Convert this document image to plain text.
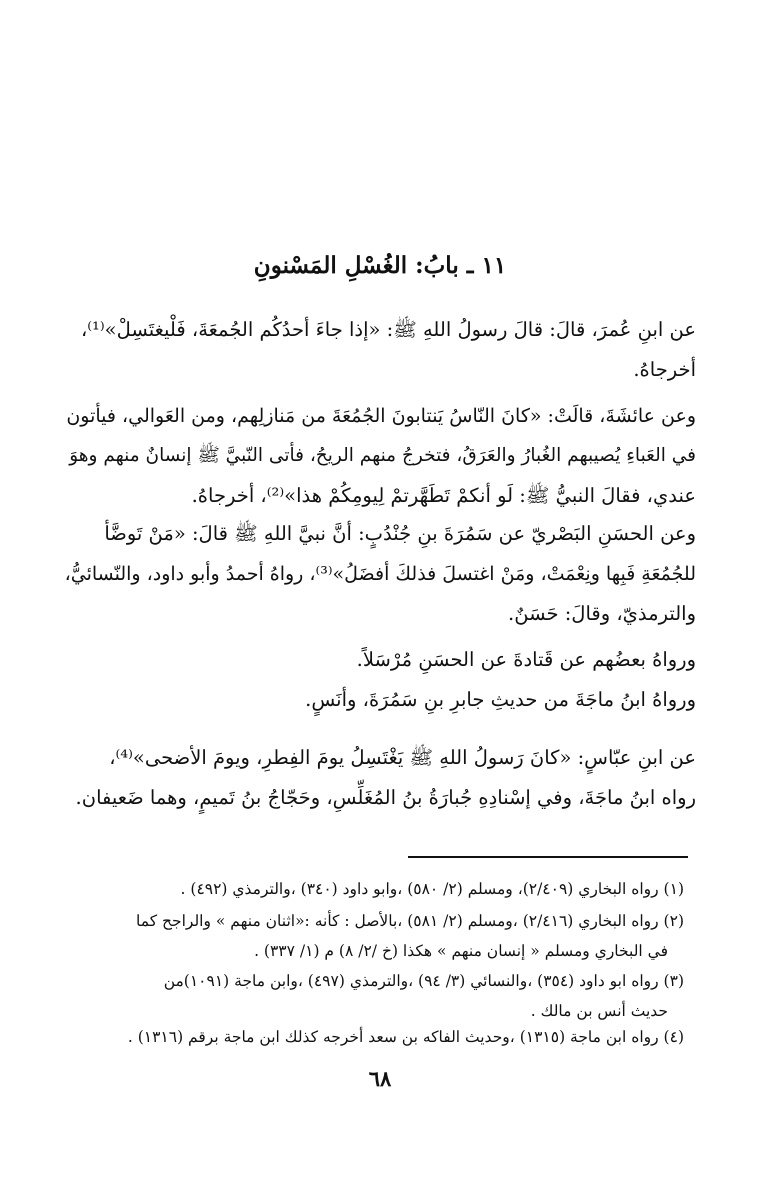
١١ ـ بابُ: الغُسْلِ المَسْنونِ
عن ابنِ عُمرَ، قالَ: قالَ رسولُ اللهِ ﷺ: «إذا جاءَ أحدُكُم الجُمعَةَ، فَلْيغتَسِلْ»⁽¹⁾،
أخرجاهُ.
وعن عائشَةَ، قالَتْ: «كانَ النّاسُ يَنتابونَ الجُمُعَةَ من مَنازلِهم، ومن العَوالي، فيأتون
في العَباءِ يُصيبهم الغُبارُ والعَرَقُ، فتخرجُ منهم الريحُ، فأتى النّبيَّ ﷺ إنسانٌ منهم وهوَ
عندي، فقالَ النبيُّ ﷺ: لَو أنكمْ تَطَهَّرتمْ لِيومِكُمْ هذا»⁽²⁾، أخرجاهُ.
وعن الحسَنِ البَصْريّ عن سَمُرَةَ بنِ جُنْدُبٍ: أنَّ نبيَّ اللهِ ﷺ قالَ: «مَنْ تَوضَّأ
للجُمُعَةِ فَبِها ونِعْمَتْ، ومَنْ اغتسلَ فذلكَ أفضَلُ»⁽³⁾، رواهُ أحمدُ وأبو داود، والنّسائيُّ،
والترمذيّ، وقالَ: حَسَنٌ.
ورواهُ بعضُهم عن قَتادةَ عن الحسَنِ مُرْسَلاً.
ورواهُ ابنُ ماجَةَ من حديثِ جابرِ بنِ سَمُرَةَ، وأنَسٍ.
عن ابنِ عبّاسٍ: «كانَ رَسولُ اللهِ ﷺ يَغْتَسِلُ يومَ الفِطرِ، ويومَ الأضحى»⁽⁴⁾،
رواه ابنُ ماجَةَ، وفي إسْنادِهِ جُبارَةُ بنُ المُغَلِّسِ، وحَجّاجُ بنُ تَميمٍ، وهما ضَعيفان.
(١) رواه البخاري (٢/٤٠٩)، ومسلم (٢/ ٥٨٠) ،وابو داود (٣٤٠) ،والترمذي (٤٩٢) .
(٢) رواه البخاري (٢/٤١٦) ،ومسلم (٢/ ٥٨١) ،بالأصل : كأنه :«اثنان منهم » والراجح كما
في البخاري ومسلم « إنسان منهم » هكذا (خ /٢/ ٨) م (١/ ٣٣٧) .
(٣) رواه ابو داود (٣٥٤) ،والنسائي (٣/ ٩٤) ،والترمذي (٤٩٧) ،وابن ماجة (١٠٩١)من
حديث أنس بن مالك .
(٤) رواه ابن ماجة (١٣١٥) ،وحديث الفاكه بن سعد أخرجه كذلك ابن ماجة برقم (١٣١٦) .
٦٨
